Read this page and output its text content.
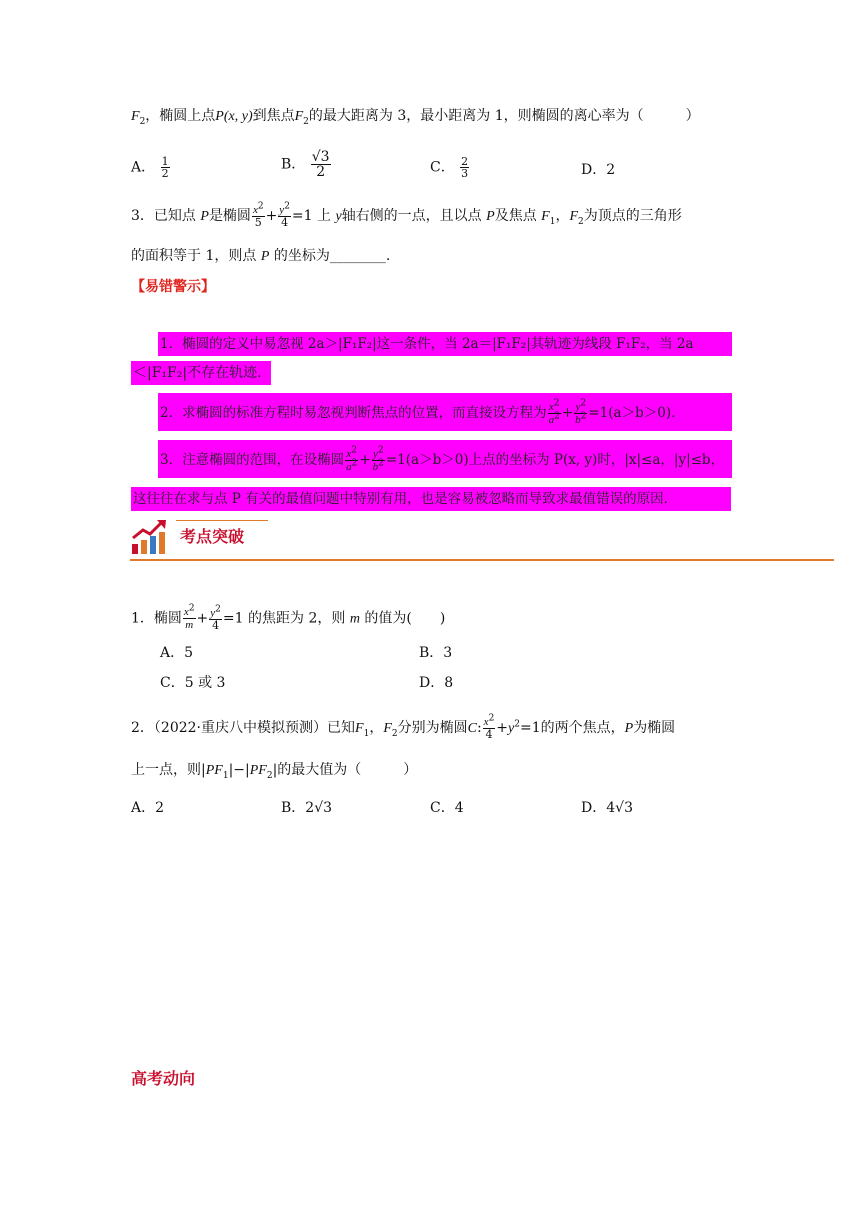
$F_2$，椭圆上点P(x, y)到焦点$F_2$的最大距离为 3，最小距离为 1，则椭圆的离心率为（　　　）
A． $\frac{1}{2}$	B． $\frac{√3}{2}$	C． $\frac{2}{3}$	D．2
3．已知点 P是椭圆 $\frac{x^2}{5} + \frac{y^2}{4} =1$ 上 y轴右侧的一点，且以点 P及焦点 $F_1$，$F_2$为顶点的三角形
的面积等于 1，则点 P 的坐标为________.
【易错警示】
1．椭圆的定义中易忽视 2a＞|F₁F₂|这一条件，当 2a＝|F₁F₂|其轨迹为线段 F₁F₂，当 2a
＜|F₁F₂|不存在轨迹．
2．求椭圆的标准方程时易忽视判断焦点的位置，而直接设方程为 $\frac{x^2}{a^2} + \frac{y^2}{b^2} =1(a>b>0)$．
3．注意椭圆的范围，在设椭圆 $\frac{x^2}{a^2} + \frac{y^2}{b^2} =1(a>b>0)$上点的坐标为 P(x, y)时，|x|≤a，|y|≤b，
这往往在求与点 P 有关的最值问题中特别有用，也是容易被忽略而导致求最值错误的原因．
考点突破
1．椭圆 $\frac{x^2}{m} + \frac{y^2}{4} =1$ 的焦距为 2，则 m 的值为(　　)
A．5	B．3
C．5 或 3	D．8
2．（2022·重庆八中模拟预测）已知$F_1$，$F_2$分别为椭圆C: $\frac{x^2}{4} +y^2=1$的两个焦点，P为椭圆
上一点，则$|PF_1|-|PF_2|$的最大值为（　　　）
A．2	B．2√3	C．4	D．4√3
高考动向
